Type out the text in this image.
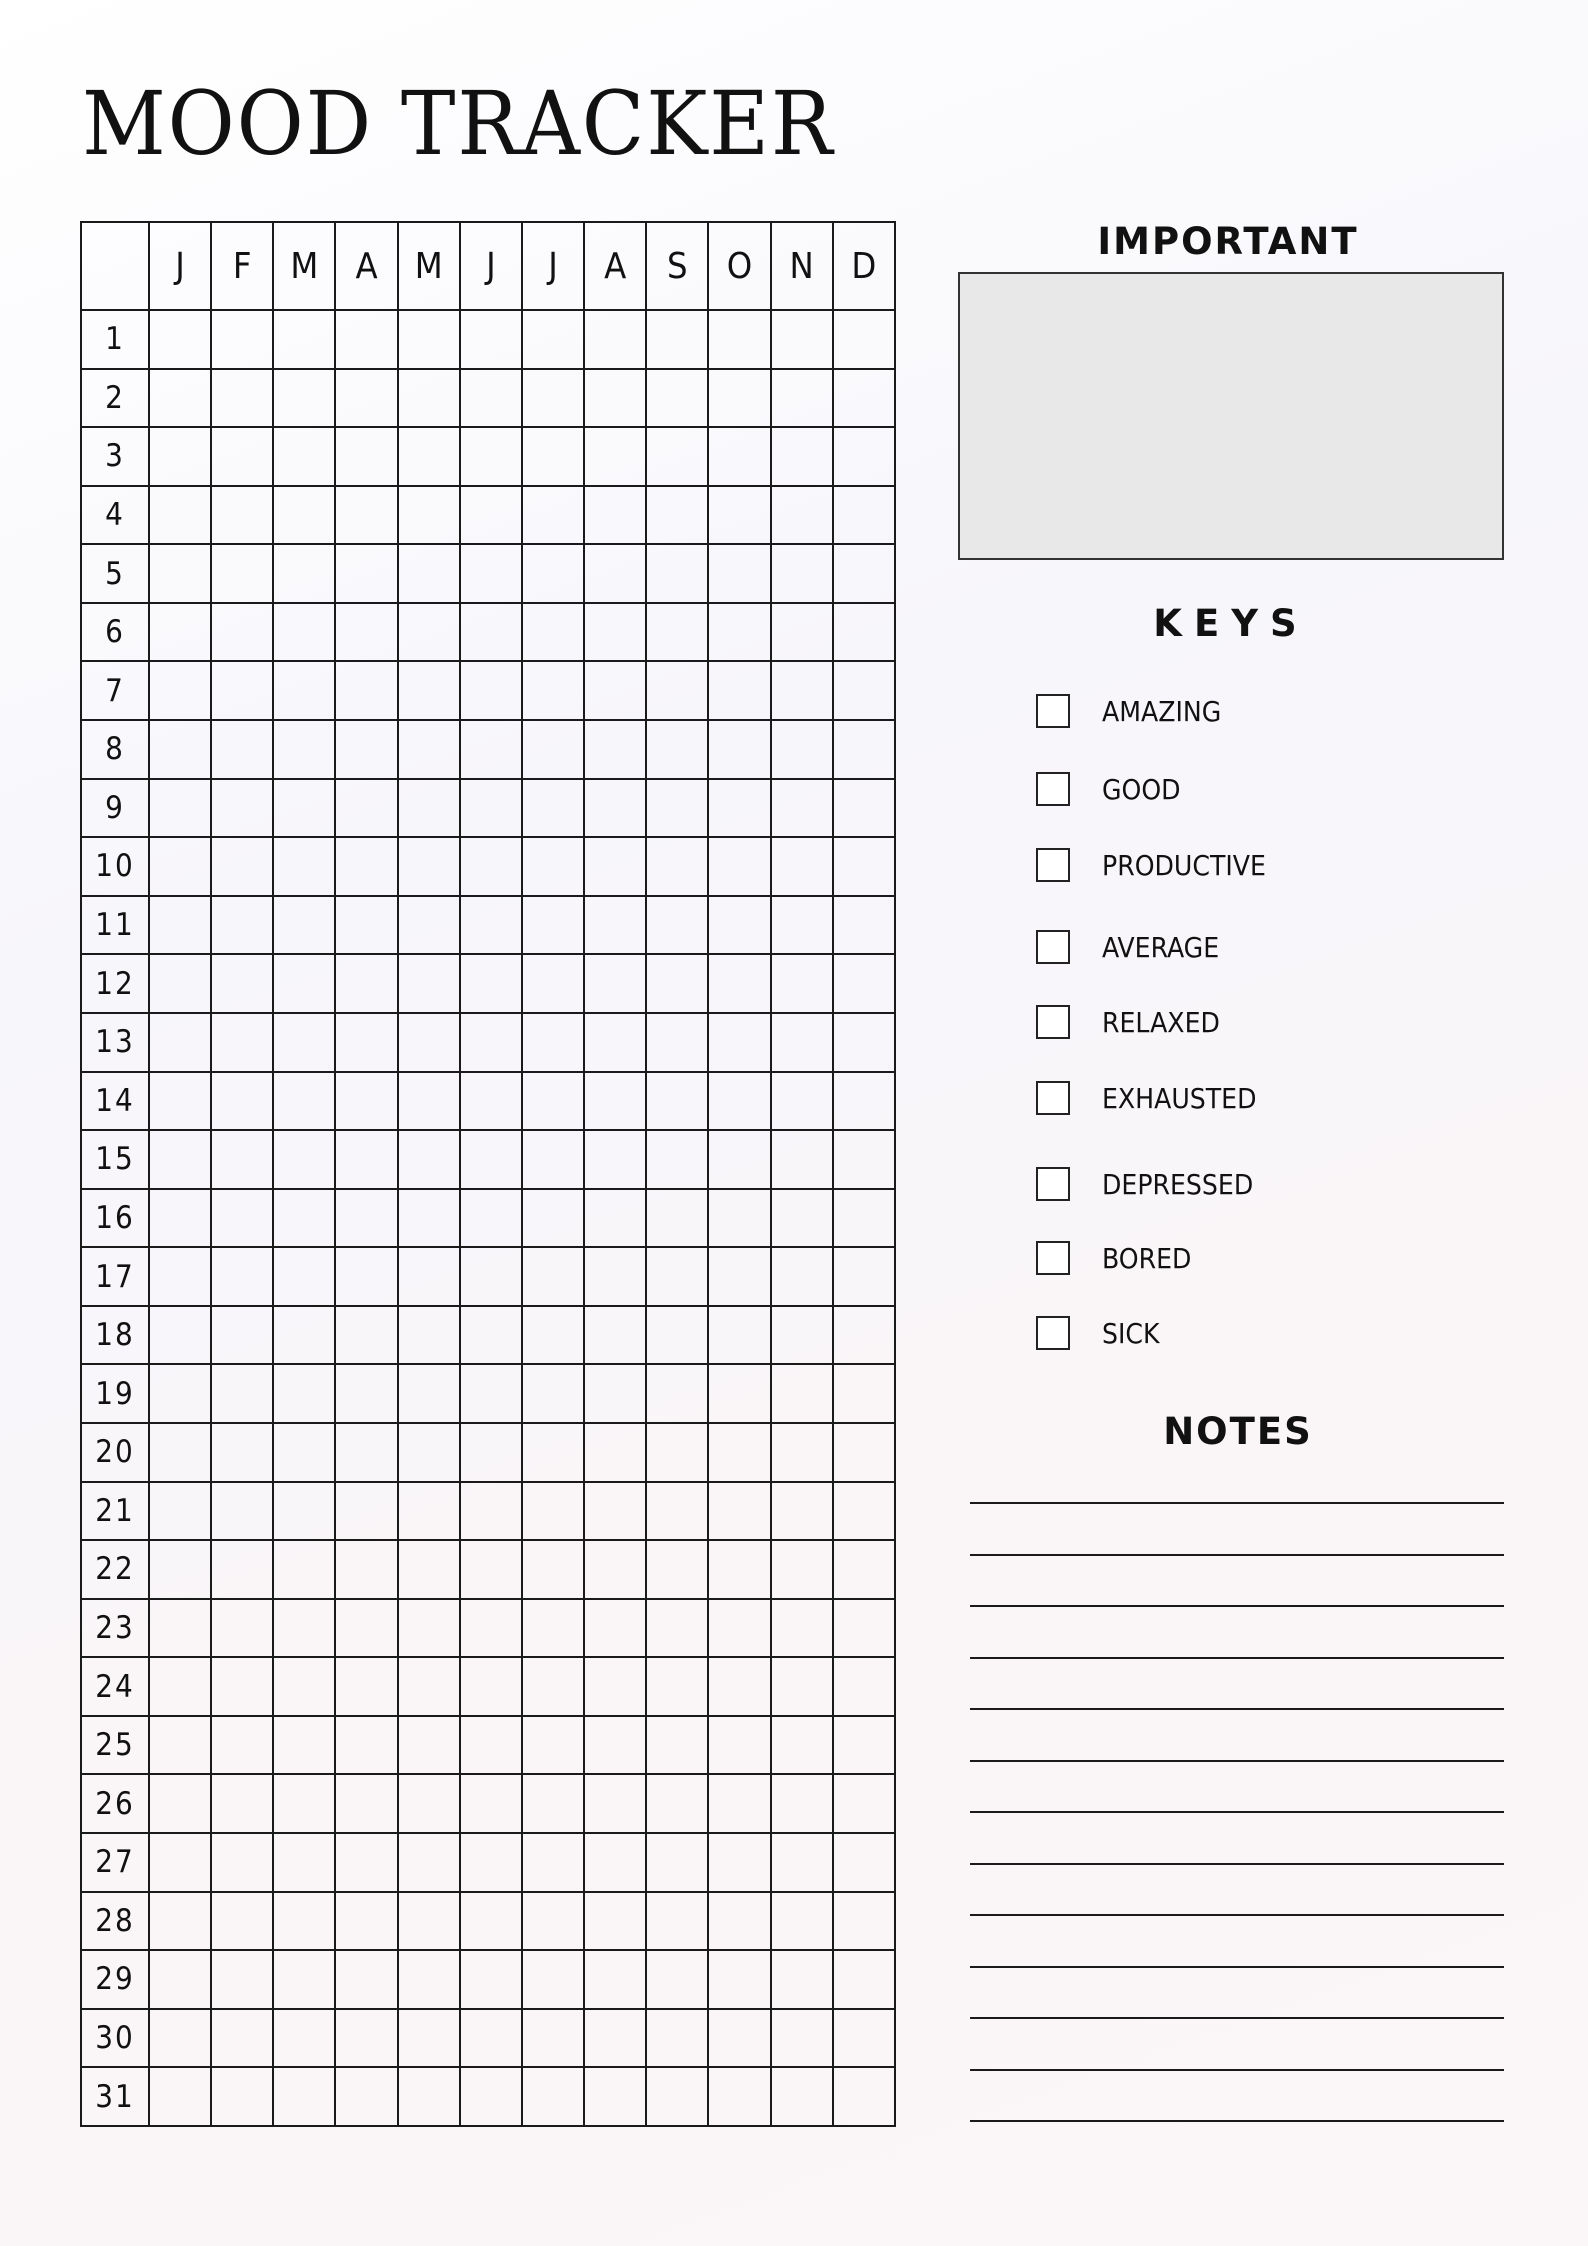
MOOD TRACKER
	J	F	M	A	M	J	J	A	S	O	N	D
1												
2												
3												
4												
5												
6												
7												
8												
9												
10												
11												
12												
13												
14												
15												
16												
17												
18												
19												
20												
21												
22												
23												
24												
25												
26												
27												
28												
29												
30												
31												
IMPORTANT
KEYS
AMAZING
GOOD
PRODUCTIVE
AVERAGE
RELAXED
EXHAUSTED
DEPRESSED
BORED
SICK
NOTES
